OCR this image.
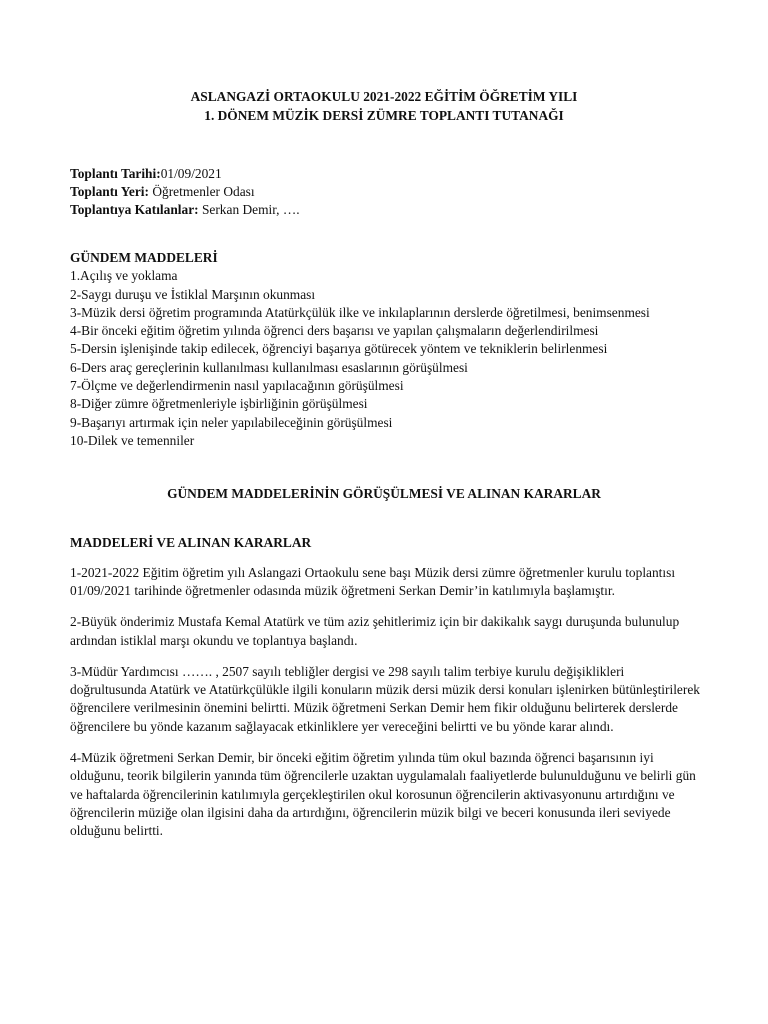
ASLANGAZİ ORTAOKULU 2021-2022 EĞİTİM ÖĞRETİM YILI
1. DÖNEM MÜZİK DERSİ ZÜMRE TOPLANTI TUTANAĞI
Toplantı Tarihi:01/09/2021
Toplantı Yeri: Öğretmenler Odası
Toplantıya Katılanlar: Serkan Demir, ….
GÜNDEM MADDELERİ
1.Açılış ve yoklama
2-Saygı duruşu ve İstiklal Marşının okunması
3-Müzik dersi öğretim programında Atatürkçülük ilke ve inkılaplarının derslerde öğretilmesi, benimsenmesi
4-Bir önceki eğitim öğretim yılında öğrenci ders başarısı ve yapılan çalışmaların değerlendirilmesi
5-Dersin işlenişinde takip edilecek, öğrenciyi başarıya götürecek yöntem ve tekniklerin belirlenmesi
6-Ders araç gereçlerinin kullanılması kullanılması esaslarının görüşülmesi
7-Ölçme ve değerlendirmenin nasıl yapılacağının görüşülmesi
8-Diğer zümre öğretmenleriyle işbirliğinin görüşülmesi
9-Başarıyı artırmak için neler yapılabileceğinin görüşülmesi
10-Dilek ve temenniler
GÜNDEM MADDELERİNİN GÖRÜŞÜLMESİ VE ALINAN KARARLAR
MADDELERİ VE ALINAN KARARLAR

1-2021-2022 Eğitim öğretim yılı Aslangazi Ortaokulu sene başı Müzik dersi zümre öğretmenler kurulu toplantısı 01/09/2021 tarihinde öğretmenler odasında müzik öğretmeni Serkan Demir’in katılımıyla başlamıştır.

2-Büyük önderimiz Mustafa Kemal Atatürk ve tüm aziz şehitlerimiz için bir dakikalık saygı duruşunda bulunulup ardından istiklal marşı okundu ve toplantıya başlandı.

3-Müdür Yardımcısı ……. , 2507 sayılı tebliğler dergisi ve 298 sayılı talim terbiye kurulu değişiklikleri doğrultusunda Atatürk ve Atatürkçülükle ilgili konuların müzik dersi müzik dersi konuları işlenirken bütünleştirilerek öğrencilere verilmesinin önemini belirtti. Müzik öğretmeni Serkan Demir hem fikir olduğunu belirterek derslerde öğrencilere bu yönde kazanım sağlayacak etkinliklere yer vereceğini belirtti ve bu yönde karar alındı.

4-Müzik öğretmeni Serkan Demir, bir önceki eğitim öğretim yılında tüm okul bazında öğrenci başarısının iyi olduğunu, teorik bilgilerin yanında tüm öğrencilerle uzaktan uygulamalalı faaliyetlerde bulunulduğunu ve belirli gün ve haftalarda öğrencilerinin katılımıyla gerçekleştirilen okul korosunun öğrencilerin aktivasyonunu artırdığını ve öğrencilerin müziğe olan ilgisini daha da artırdığını, öğrencilerin müzik bilgi ve beceri konusunda ileri seviyede olduğunu belirtti.
